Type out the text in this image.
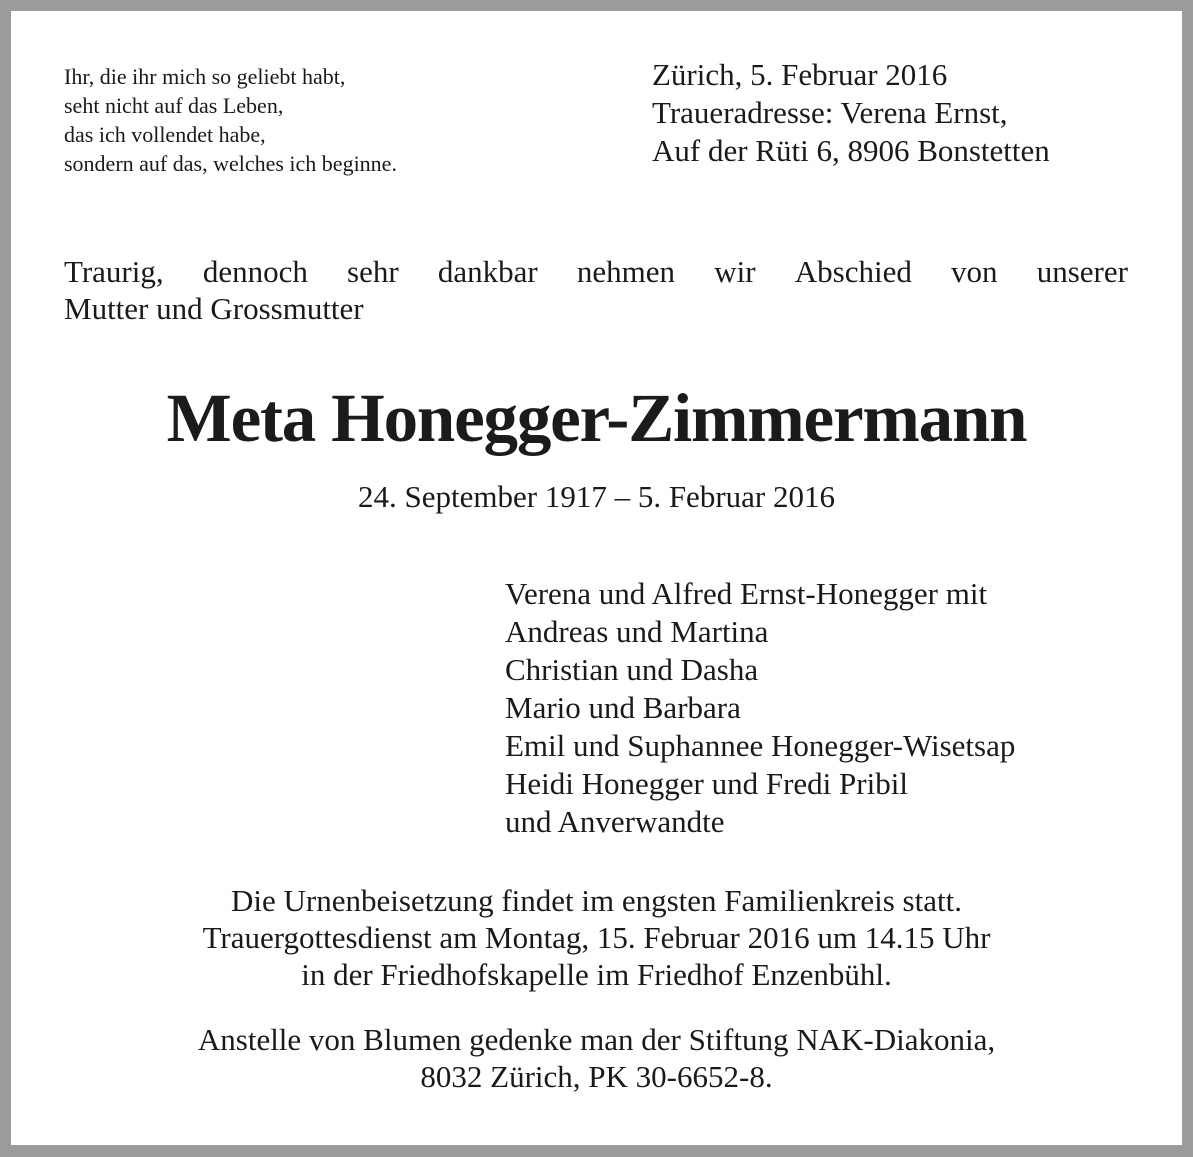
Ihr, die ihr mich so geliebt habt,
seht nicht auf das Leben,
das ich vollendet habe,
sondern auf das, welches ich beginne.
Zürich, 5. Februar 2016
Traueradresse: Verena Ernst,
Auf der Rüti 6, 8906 Bonstetten
Traurig, dennoch sehr dankbar nehmen wir Abschied von unserer
Mutter und Grossmutter
Meta Honegger-Zimmermann
24. September 1917 – 5. Februar 2016
Verena und Alfred Ernst-Honegger mit
Andreas und Martina
Christian und Dasha
Mario und Barbara
Emil und Suphannee Honegger-Wisetsap
Heidi Honegger und Fredi Pribil
und Anverwandte
Die Urnenbeisetzung findet im engsten Familienkreis statt.
Trauergottesdienst am Montag, 15. Februar 2016 um 14.15 Uhr
in der Friedhofskapelle im Friedhof Enzenbühl.
Anstelle von Blumen gedenke man der Stiftung NAK-Diakonia,
8032 Zürich, PK 30-6652-8.
